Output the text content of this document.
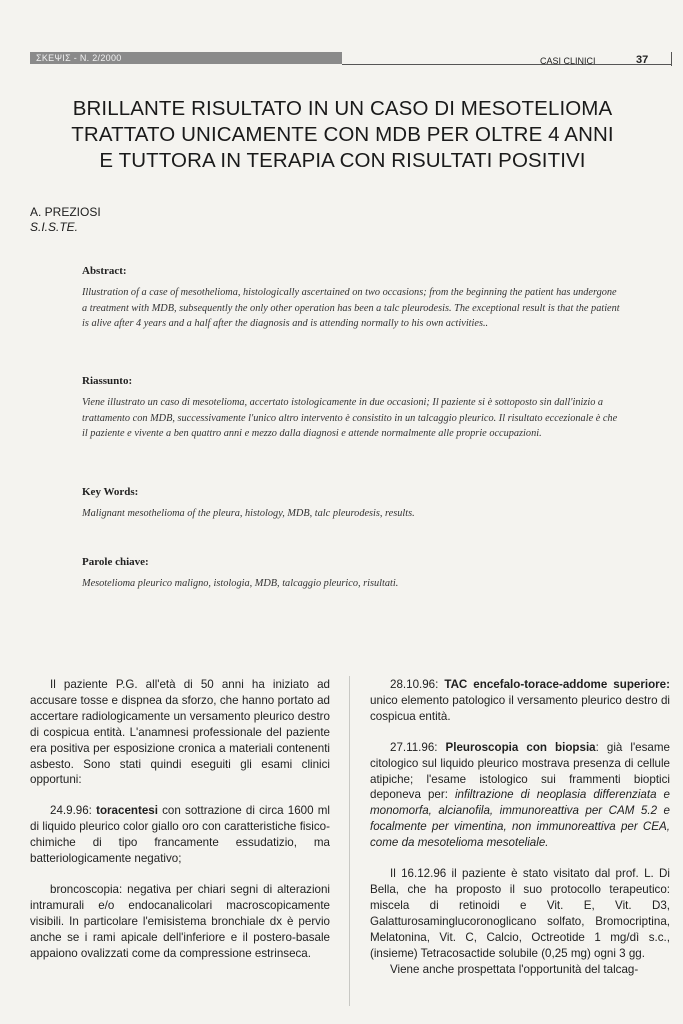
ΣΚΕΨΙΣ - N. 2/2000	CASI CLINICI	37
BRILLANTE RISULTATO IN UN CASO DI MESOTELIOMA
TRATTATO UNICAMENTE CON MDB PER OLTRE 4 ANNI
E TUTTORA IN TERAPIA CON RISULTATI POSITIVI
A. PREZIOSI
S.I.S.TE.
Abstract:
Illustration of a case of mesothelioma, histologically ascertained on two occasions; from the beginning the patient has undergone a treatment with MDB, subsequently the only other operation has been a talc pleurodesis. The exceptional result is that the patient is alive after 4 years and a half after the diagnosis and is attending normally to his own activities..
Riassunto:
Viene illustrato un caso di mesotelioma, accertato istologicamente in due occasioni; Il paziente si è sottoposto sin dall'inizio a trattamento con MDB, successivamente l'unico altro intervento è consistito in un talcaggio pleurico. Il risultato eccezionale è che il paziente e vivente a ben quattro anni e mezzo dalla diagnosi e attende normalmente alle proprie occupazioni.
Key Words:
Malignant mesothelioma of the pleura, histology, MDB, talc pleurodesis, results.
Parole chiave:
Mesotelioma pleurico maligno, istologia, MDB, talcaggio pleurico, risultati.

Il paziente P.G. all'età di 50 anni ha iniziato ad accusare tosse e dispnea da sforzo, che hanno portato ad accertare radiologicamente un versamento pleurico destro di cospicua entità. L'anamnesi professionale del paziente era positiva per esposizione cronica a materiali contenenti asbesto. Sono stati quindi eseguiti gli esami clinici opportuni:

24.9.96: toracentesi con sottrazione di circa 1600 ml di liquido pleurico color giallo oro con caratteristiche fisico-chimiche di tipo francamente essudatizio, ma batteriologicamente negativo;

broncoscopia: negativa per chiari segni di alterazioni intramurali e/o endocanalicolari macroscopicamente visibili. In particolare l'emisistema bronchiale dx è pervio anche se i rami apicale dell'inferiore e il postero-basale appaiono ovalizzati come da compressione estrinseca.

28.10.96: TAC encefalo-torace-addome superiore: unico elemento patologico il versamento pleurico destro di cospicua entità.

27.11.96: Pleuroscopia con biopsia: già l'esame citologico sul liquido pleurico mostrava presenza di cellule atipiche; l'esame istologico sui frammenti bioptici deponeva per: infiltrazione di neoplasia differenziata e monomorfa, alcianofila, immunoreattiva per CAM 5.2 e focalmente per vimentina, non immunoreattiva per CEA, come da mesotelioma mesoteliale.

Il 16.12.96 il paziente è stato visitato dal prof. L. Di Bella, che ha proposto il suo protocollo terapeutico: miscela di retinoidi e Vit. E, Vit. D3, Galatturosaminglucoronoglicano solfato, Bromocriptina, Melatonina, Vit. C, Calcio, Octreotide 1 mg/dì s.c., (insieme) Tetracosactide solubile (0,25 mg) ogni 3 gg.

Viene anche prospettata l'opportunità del talcag-
